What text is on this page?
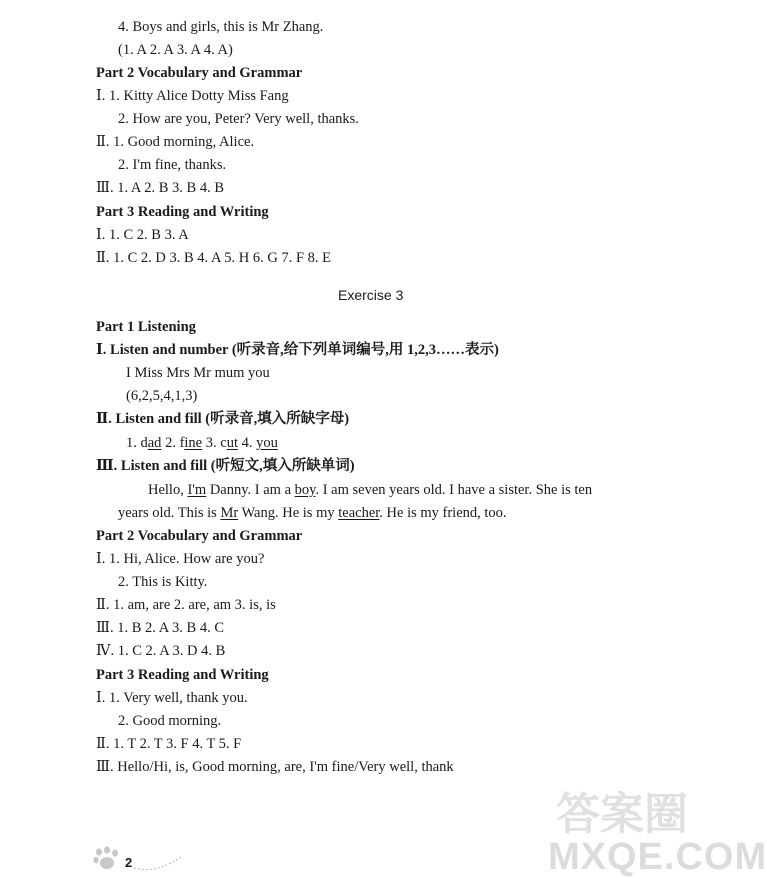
4. Boys and girls, this is Mr Zhang.
(1. A 2. A 3. A 4. A)
Part 2 Vocabulary and Grammar
Ⅰ. 1. Kitty Alice Dotty Miss Fang
2. How are you, Peter? Very well, thanks.
Ⅱ. 1. Good morning, Alice.
2. I'm fine, thanks.
Ⅲ. 1. A 2. B 3. B 4. B
Part 3 Reading and Writing
Ⅰ. 1. C 2. B 3. A
Ⅱ. 1. C 2. D 3. B 4. A 5. H 6. G 7. F 8. E
Exercise 3
Part 1 Listening
Ⅰ. Listen and number (听录音,给下列单词编号,用 1,2,3……表示)
I Miss Mrs Mr mum you
(6,2,5,4,1,3)
Ⅱ. Listen and fill (听录音,填入所缺字母)
1. dad 2. fine 3. cut 4. you
Ⅲ. Listen and fill (听短文,填入所缺单词)
Hello, I'm Danny. I am a boy. I am seven years old. I have a sister. She is ten
years old. This is Mr Wang. He is my teacher. He is my friend, too.
Part 2 Vocabulary and Grammar
Ⅰ. 1. Hi, Alice. How are you?
2. This is Kitty.
Ⅱ. 1. am, are 2. are, am 3. is, is
Ⅲ. 1. B 2. A 3. B 4. C
Ⅳ. 1. C 2. A 3. D 4. B
Part 3 Reading and Writing
Ⅰ. 1. Very well, thank you.
2. Good morning.
Ⅱ. 1. T 2. T 3. F 4. T 5. F
Ⅲ. Hello/Hi, is, Good morning, are, I'm fine/Very well, thank
2
答案圈
MXQE.COM
